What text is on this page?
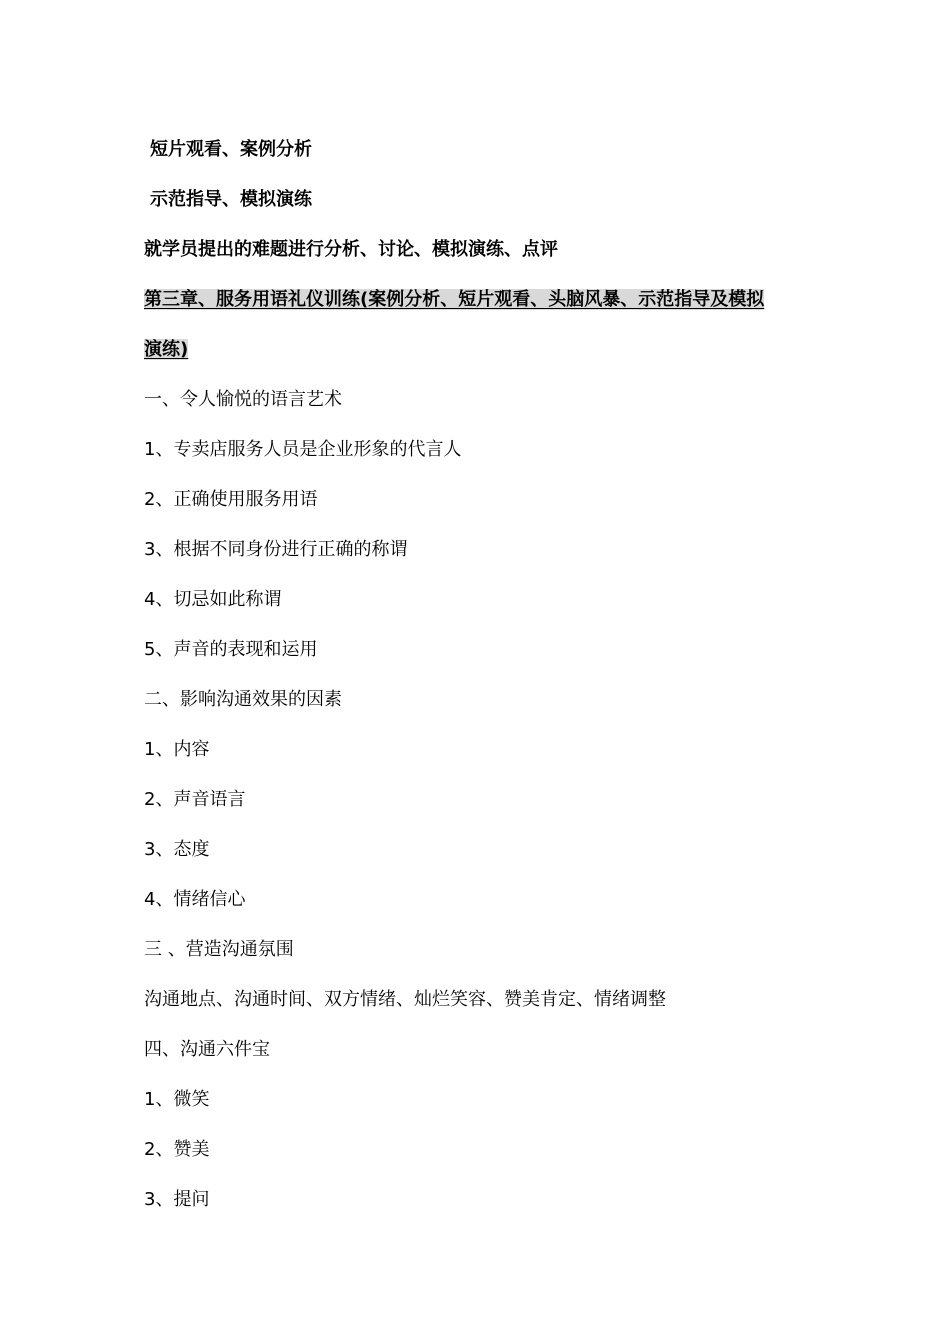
短片观看、案例分析
示范指导、模拟演练
就学员提出的难题进行分析、讨论、模拟演练、点评
第三章、服务用语礼仪训练(案例分析、短片观看、头脑风暴、示范指导及模拟
演练)
一、令人愉悦的语言艺术
1、专卖店服务人员是企业形象的代言人
2、正确使用服务用语
3、根据不同身份进行正确的称谓
4、切忌如此称谓
5、声音的表现和运用
二、影响沟通效果的因素
1、内容
2、声音语言
3、态度
4、情绪信心
三 、营造沟通氛围
沟通地点、沟通时间、双方情绪、灿烂笑容、赞美肯定、情绪调整
四、沟通六件宝
1、微笑
2、赞美
3、提问
